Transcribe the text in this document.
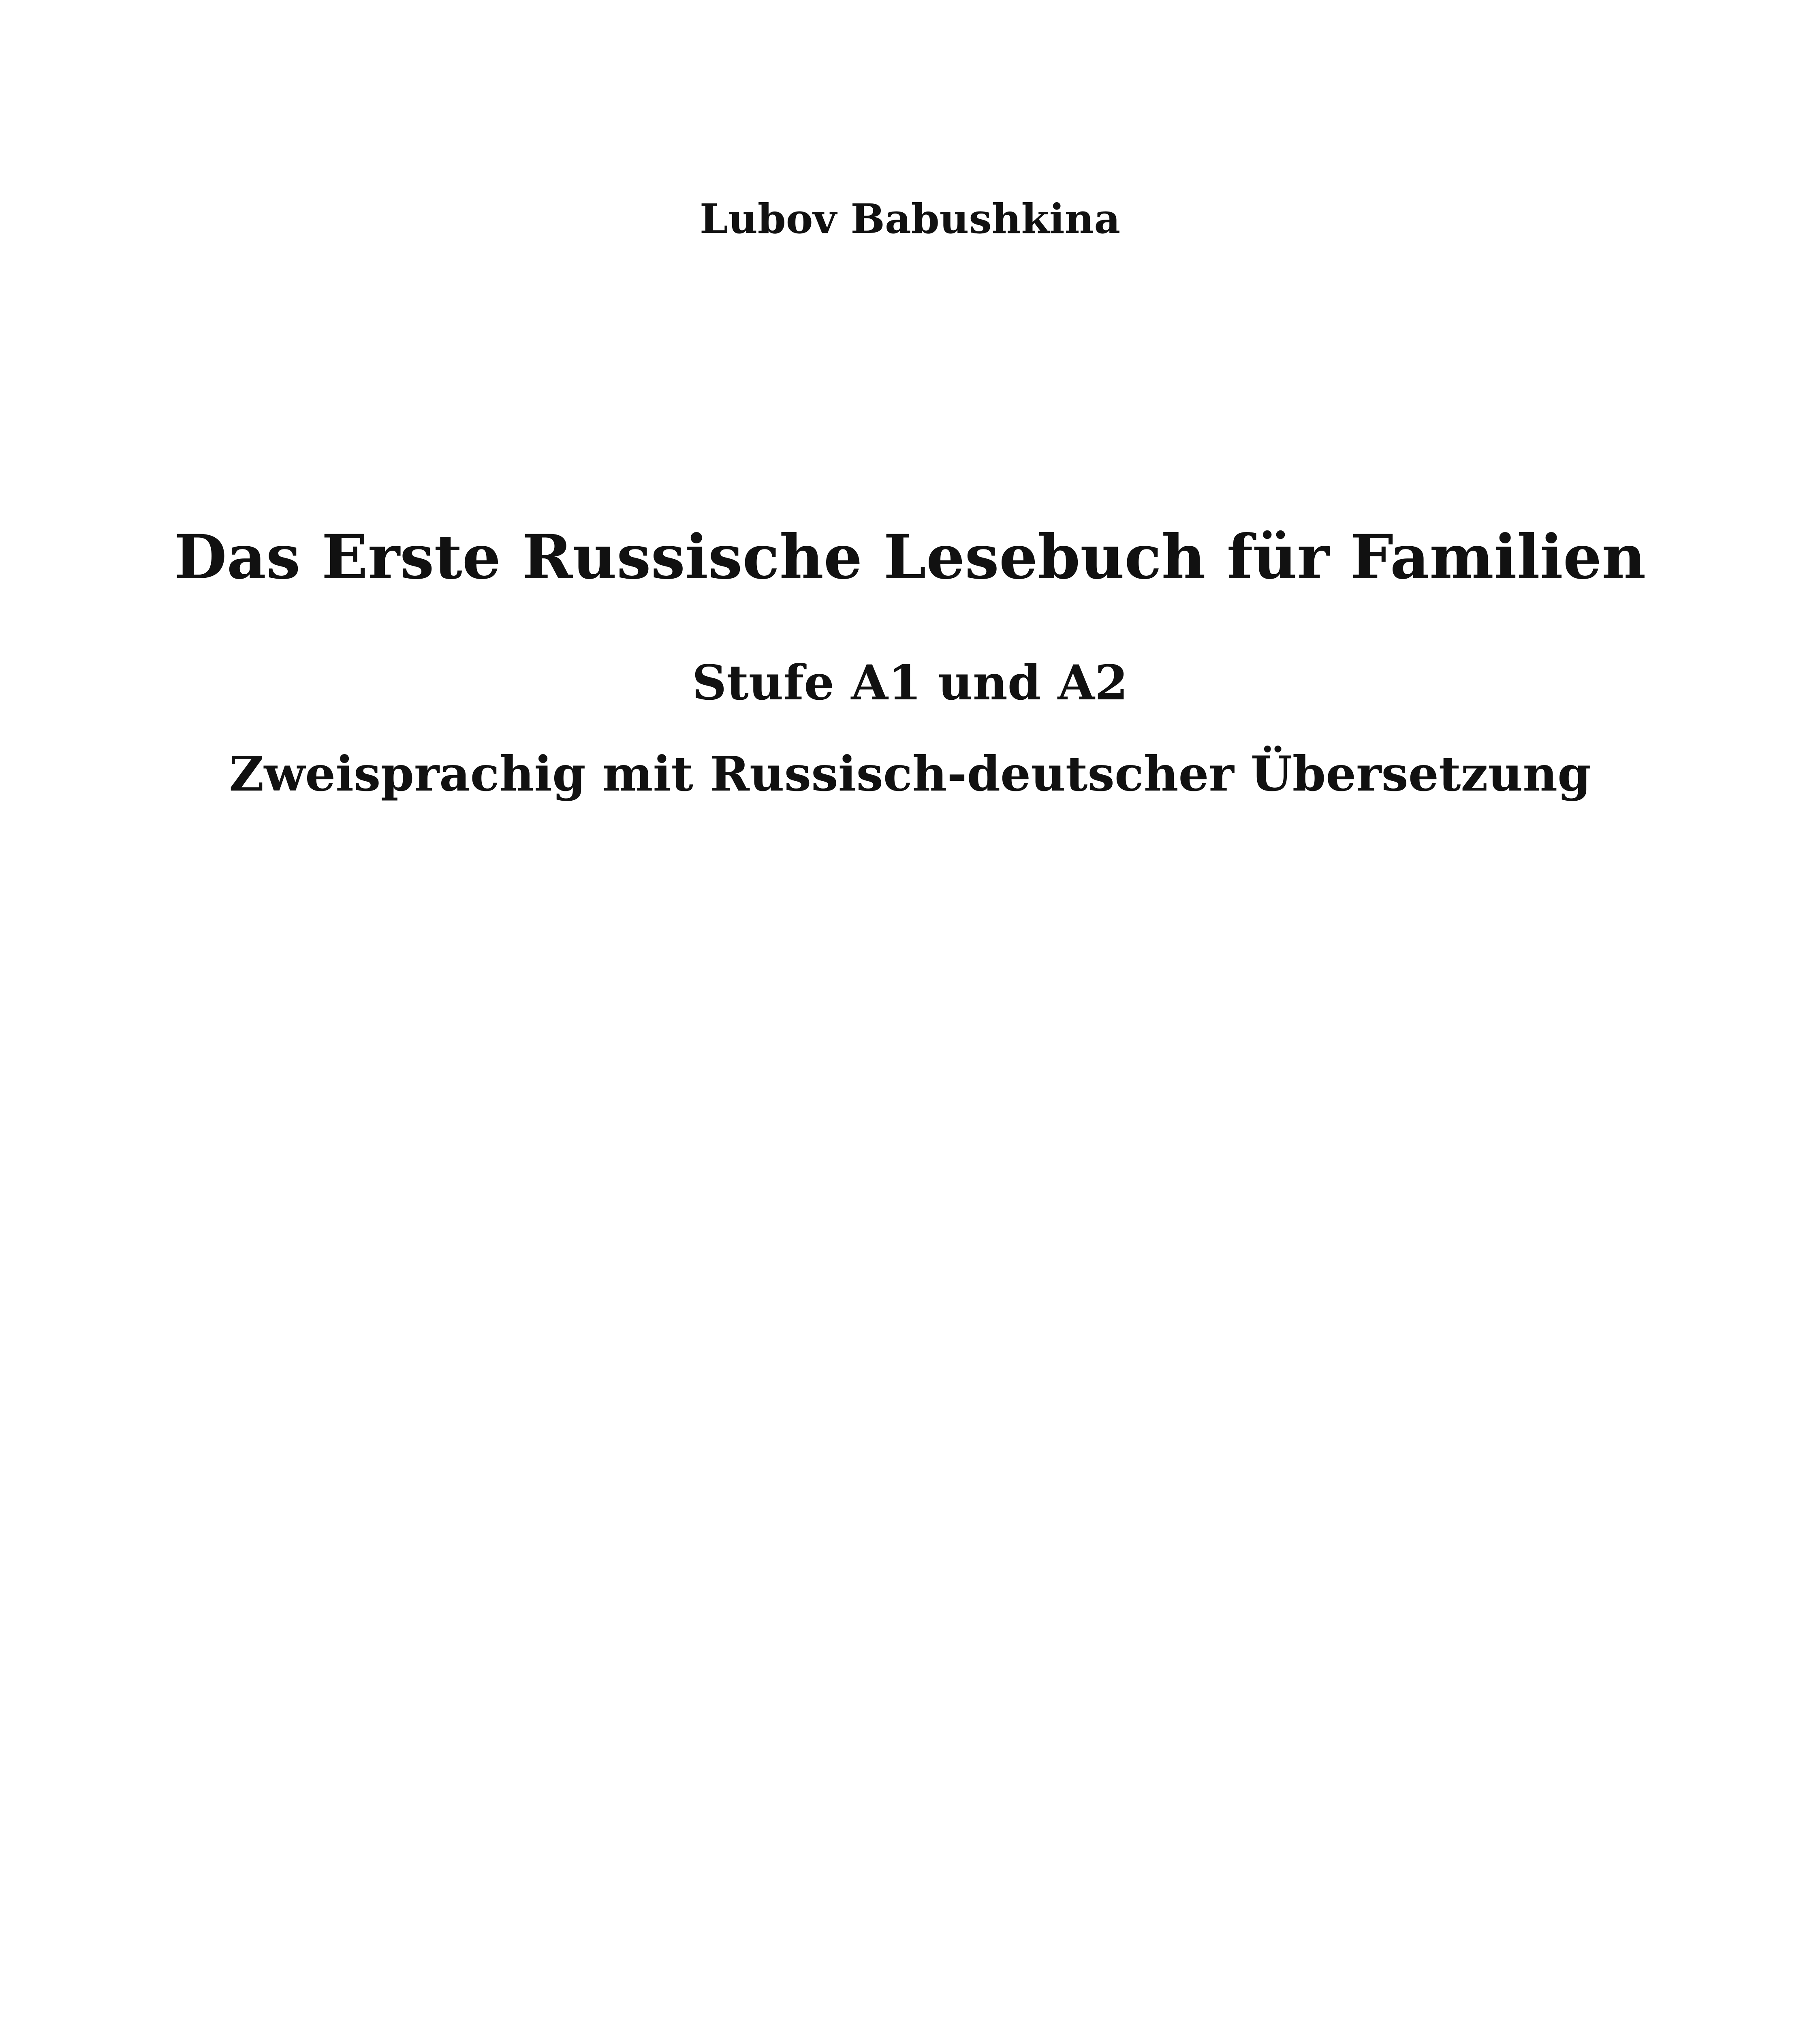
Lubov Babushkina
Das Erste Russische Lesebuch für Familien
Stufe A1 und A2
Zweisprachig mit Russisch-deutscher Übersetzung
